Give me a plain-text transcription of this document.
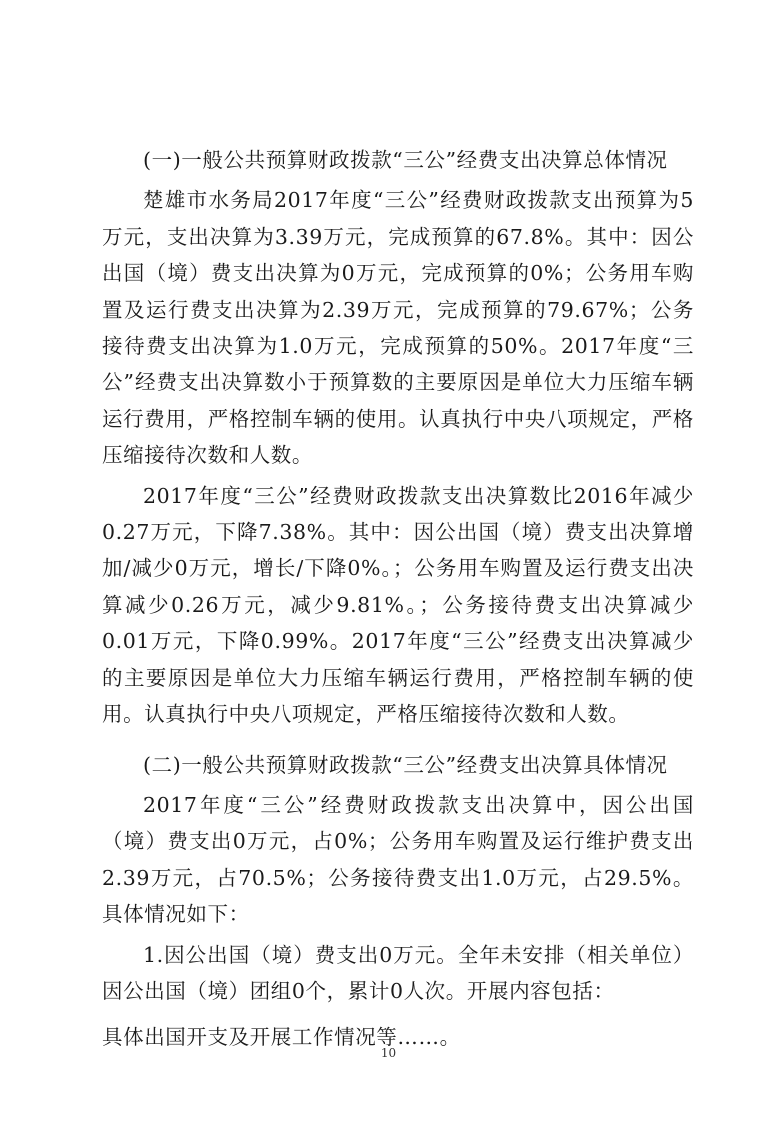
(一)一般公共预算财政拨款“三公”经费支出决算总体情况

楚雄市水务局2017年度“三公”经费财政拨款支出预算为5万元，支出决算为3.39万元，完成预算的67.8%。其中：因公出国（境）费支出决算为0万元，完成预算的0%；公务用车购置及运行费支出决算为2.39万元，完成预算的79.67%；公务接待费支出决算为1.0万元，完成预算的50%。2017年度“三公”经费支出决算数小于预算数的主要原因是单位大力压缩车辆运行费用，严格控制车辆的使用。认真执行中央八项规定，严格压缩接待次数和人数。

2017年度“三公”经费财政拨款支出决算数比2016年减少0.27万元，下降7.38%。其中：因公出国（境）费支出决算增加/减少0万元，增长/下降0%。；公务用车购置及运行费支出决算减少0.26万元，减少9.81%。；公务接待费支出决算减少0.01万元，下降0.99%。2017年度“三公”经费支出决算减少的主要原因是单位大力压缩车辆运行费用，严格控制车辆的使用。认真执行中央八项规定，严格压缩接待次数和人数。

(二)一般公共预算财政拨款“三公”经费支出决算具体情况

2017年度“三公”经费财政拨款支出决算中，因公出国（境）费支出0万元，占0%；公务用车购置及运行维护费支出2.39万元，占70.5%；公务接待费支出1.0万元，占29.5%。具体情况如下：

1.因公出国（境）费支出0万元。全年未安排（相关单位）因公出国（境）团组0个，累计0人次。开展内容包括：

具体出国开支及开展工作情况等……。

10
